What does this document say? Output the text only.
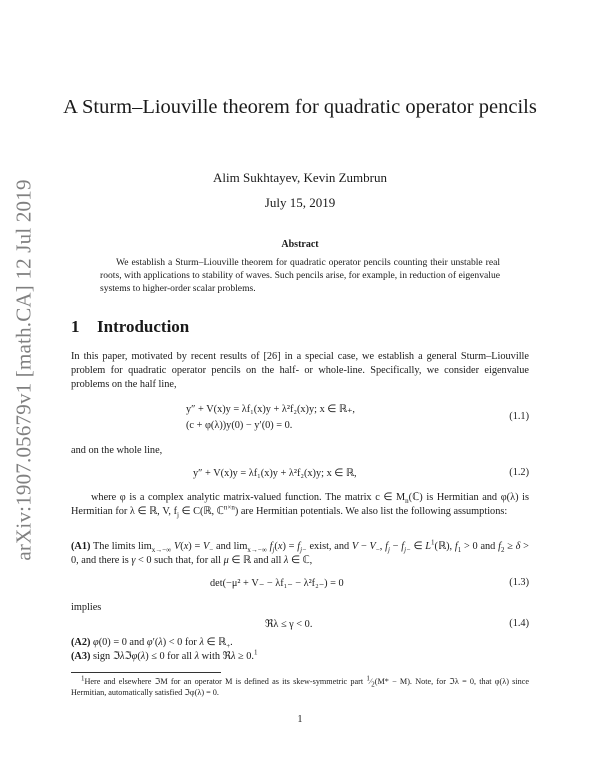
arXiv:1907.05679v1 [math.CA] 12 Jul 2019
A Sturm–Liouville theorem for quadratic operator pencils
Alim Sukhtayev, Kevin Zumbrun
July 15, 2019
Abstract
We establish a Sturm–Liouville theorem for quadratic operator pencils counting their unstable real roots, with applications to stability of waves. Such pencils arise, for example, in reduction of eigenvalue systems to higher-order scalar problems.
1 Introduction
In this paper, motivated by recent results of [26] in a special case, we establish a general Sturm–Liouville problem for quadratic operator pencils on the half- or whole-line. Specifically, we consider eigenvalue problems on the half line,
y″ + V(x)y = λf₁(x)y + λ²f₂(x)y; x ∈ ℝ₊,
(c + φ(λ))y(0) − y′(0) = 0.
(1.1)
and on the whole line,
y″ + V(x)y = λf₁(x)y + λ²f₂(x)y; x ∈ ℝ,	(1.2)
where φ is a complex analytic matrix-valued function. The matrix c ∈ $M_n(ℂ)$ is Hermitian and φ(λ) is Hermitian for λ ∈ ℝ, V, $f_j$ ∈ C(ℝ, ℂ$^{n\times n}$) are Hermitian potentials. We also list the following assumptions:
(A1) The limits $\lim_{x\to-\infty} V(x) = V_-$ and $\lim_{x\to-\infty} f_j(x) = f_{j-}$ exist, and $V - V_-$, $f_j - f_{j-}$ ∈ $L^1(ℝ)$, $f_1 > 0$ and $f_2 \ge \delta > 0$, and there is γ < 0 such that, for all μ ∈ ℝ and all λ ∈ ℂ,
det(−μ² + V₋ − λf₁₋ − λ²f₂₋) = 0	(1.3)
implies
ℜλ ≤ γ < 0.	(1.4)
(A2) φ(0) = 0 and φ′(λ) < 0 for λ ∈ ℝ$_+$.
(A3) sign ℑλℑφ(λ) ≤ 0 for all λ with ℜλ ≥ 0.$^1$
$^1$Here and elsewhere ℑM for an operator M is defined as its skew-symmetric part $^1⁄_2(M* - M)$. Note, for ℑλ = 0, that φ(λ) since Hermitian, automatically satisfied ℑφ(λ) = 0.
1
